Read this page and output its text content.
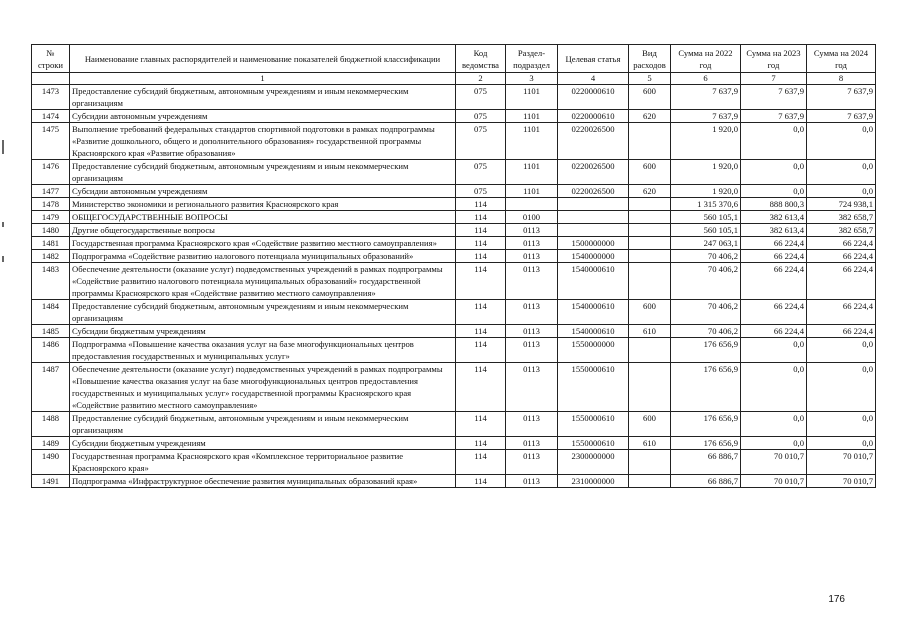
№ строки	Наименование главных распорядителей и наименование показателей бюджетной классификации	Код ведомства	Раздел-подраздел	Целевая статья	Вид расходов	Сумма на 2022 год	Сумма на 2023 год	Сумма на 2024 год
	1	2	3	4	5	6	7	8
1473	Предоставление субсидий бюджетным, автономным учреждениям и иным некоммерческим организациям	075	1101	0220000610	600	7 637,9	7 637,9	7 637,9
1474	Субсидии автономным учреждениям	075	1101	0220000610	620	7 637,9	7 637,9	7 637,9
1475	Выполнение требований федеральных стандартов спортивной подготовки в рамках подпрограммы «Развитие дошкольного, общего и дополнительного образования» государственной программы Красноярского края «Развитие образования»	075	1101	0220026500		1 920,0	0,0	0,0
1476	Предоставление субсидий бюджетным, автономным учреждениям и иным некоммерческим организациям	075	1101	0220026500	600	1 920,0	0,0	0,0
1477	Субсидии автономным учреждениям	075	1101	0220026500	620	1 920,0	0,0	0,0
1478	Министерство экономики и регионального развития Красноярского края	114				1 315 370,6	888 800,3	724 938,1
1479	ОБЩЕГОСУДАРСТВЕННЫЕ ВОПРОСЫ	114	0100			560 105,1	382 613,4	382 658,7
1480	Другие общегосударственные вопросы	114	0113			560 105,1	382 613,4	382 658,7
1481	Государственная программа Красноярского края «Содействие развитию местного самоуправления»	114	0113	1500000000		247 063,1	66 224,4	66 224,4
1482	Подпрограмма «Содействие развитию налогового потенциала муниципальных образований»	114	0113	1540000000		70 406,2	66 224,4	66 224,4
1483	Обеспечение деятельности (оказание услуг) подведомственных учреждений в рамках подпрограммы «Содействие развитию налогового потенциала муниципальных образований» государственной программы Красноярского края «Содействие развитию местного самоуправления»	114	0113	1540000610		70 406,2	66 224,4	66 224,4
1484	Предоставление субсидий бюджетным, автономным учреждениям и иным некоммерческим организациям	114	0113	1540000610	600	70 406,2	66 224,4	66 224,4
1485	Субсидии бюджетным учреждениям	114	0113	1540000610	610	70 406,2	66 224,4	66 224,4
1486	Подпрограмма «Повышение качества оказания услуг на базе многофункциональных центров предоставления государственных и муниципальных услуг»	114	0113	1550000000		176 656,9	0,0	0,0
1487	Обеспечение деятельности (оказание услуг) подведомственных учреждений в рамках подпрограммы «Повышение качества оказания услуг на базе многофункциональных центров предоставления государственных и муниципальных услуг» государственной программы Красноярского края «Содействие развитию местного самоуправления»	114	0113	1550000610		176 656,9	0,0	0,0
1488	Предоставление субсидий бюджетным, автономным учреждениям и иным некоммерческим организациям	114	0113	1550000610	600	176 656,9	0,0	0,0
1489	Субсидии бюджетным учреждениям	114	0113	1550000610	610	176 656,9	0,0	0,0
1490	Государственная программа Красноярского края «Комплексное территориальное развитие Красноярского края»	114	0113	2300000000		66 886,7	70 010,7	70 010,7
1491	Подпрограмма «Инфраструктурное обеспечение развития муниципальных образований края»	114	0113	2310000000		66 886,7	70 010,7	70 010,7
176
